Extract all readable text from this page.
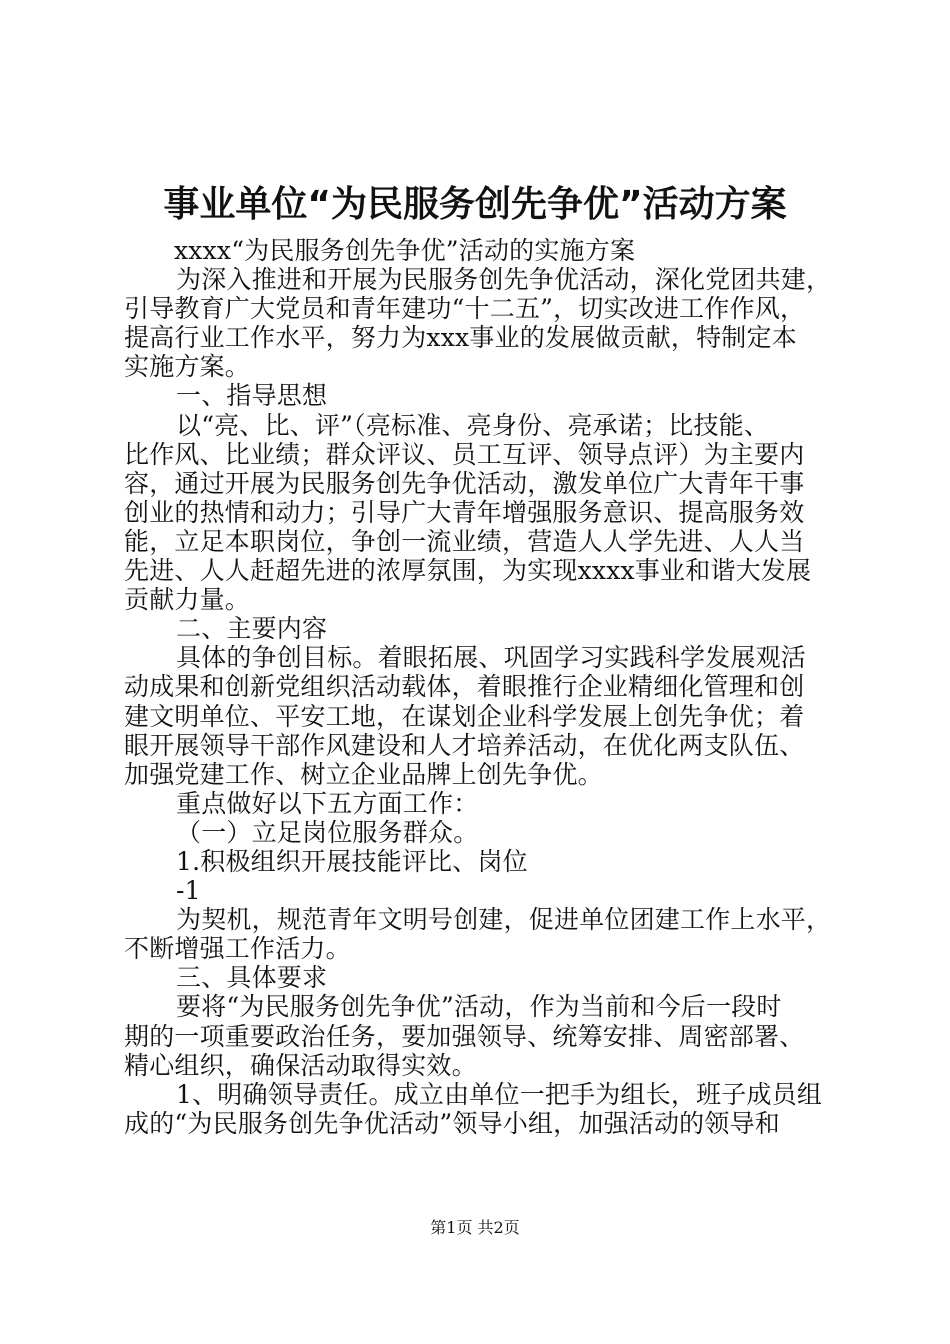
事业单位“为民服务创先争优”活动方案
xxxx“为民服务创先争优”活动的实施方案
为深入推进和开展为民服务创先争优活动，深化党团共建，
引导教育广大党员和青年建功“十二五”，切实改进工作作风，
提高行业工作水平，努力为xxx事业的发展做贡献，特制定本
实施方案。
一、指导思想
以“亮、比、评”（亮标准、亮身份、亮承诺；比技能、
比作风、比业绩；群众评议、员工互评、领导点评）为主要内
容，通过开展为民服务创先争优活动，激发单位广大青年干事
创业的热情和动力；引导广大青年增强服务意识、提高服务效
能，立足本职岗位，争创一流业绩，营造人人学先进、人人当
先进、人人赶超先进的浓厚氛围，为实现xxxx事业和谐大发展
贡献力量。
二、主要内容
具体的争创目标。着眼拓展、巩固学习实践科学发展观活
动成果和创新党组织活动载体，着眼推行企业精细化管理和创
建文明单位、平安工地，在谋划企业科学发展上创先争优；着
眼开展领导干部作风建设和人才培养活动，在优化两支队伍、
加强党建工作、树立企业品牌上创先争优。
重点做好以下五方面工作：
（一）立足岗位服务群众。
1.积极组织开展技能评比、岗位
-1
为契机，规范青年文明号创建，促进单位团建工作上水平，
不断增强工作活力。
三、具体要求
要将“为民服务创先争优”活动，作为当前和今后一段时
期的一项重要政治任务，要加强领导、统筹安排、周密部署、
精心组织，确保活动取得实效。
1、明确领导责任。成立由单位一把手为组长，班子成员组
成的“为民服务创先争优活动”领导小组，加强活动的领导和
第1页 共2页
